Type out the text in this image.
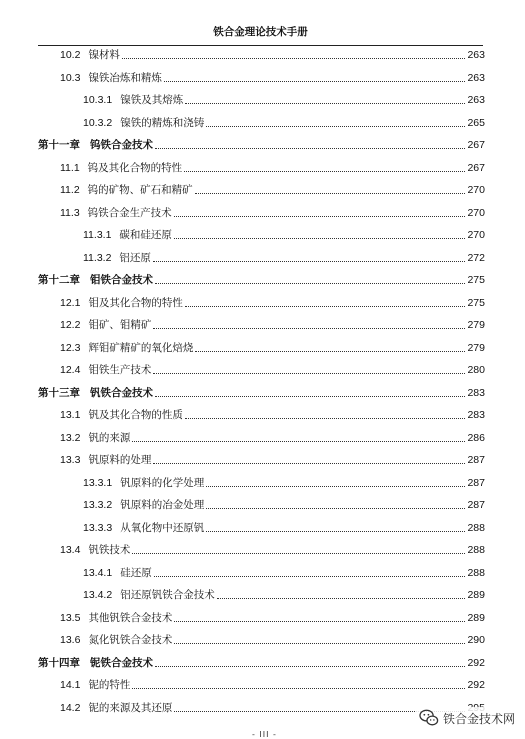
铁合金理论技术手册
10.2 镍材料	263
10.3 镍铁冶炼和精炼	263
10.3.1 镍铁及其熔炼	263
10.3.2 镍铁的精炼和浇铸	265
第十一章 钨铁合金技术	267
11.1 钨及其化合物的特性	267
11.2 钨的矿物、矿石和精矿	270
11.3 钨铁合金生产技术	270
11.3.1 碳和硅还原	270
11.3.2 铝还原	272
第十二章 钼铁合金技术	275
12.1 钼及其化合物的特性	275
12.2 钼矿、钼精矿	279
12.3 辉钼矿精矿的氧化焙烧	279
12.4 钼铁生产技术	280
第十三章 钒铁合金技术	283
13.1 钒及其化合物的性质	283
13.2 钒的来源	286
13.3 钒原料的处理	287
13.3.1 钒原料的化学处理	287
13.3.2 钒原料的冶金处理	287
13.3.3 从氧化物中还原钒	288
13.4 钒铁技术	288
13.4.1 硅还原	288
13.4.2 铝还原钒铁合金技术	289
13.5 其他钒铁合金技术	289
13.6 氮化钒铁合金技术	290
第十四章 铌铁合金技术	292
14.1 铌的特性	292
14.2 铌的来源及其还原
铁合金技术网
- III -
